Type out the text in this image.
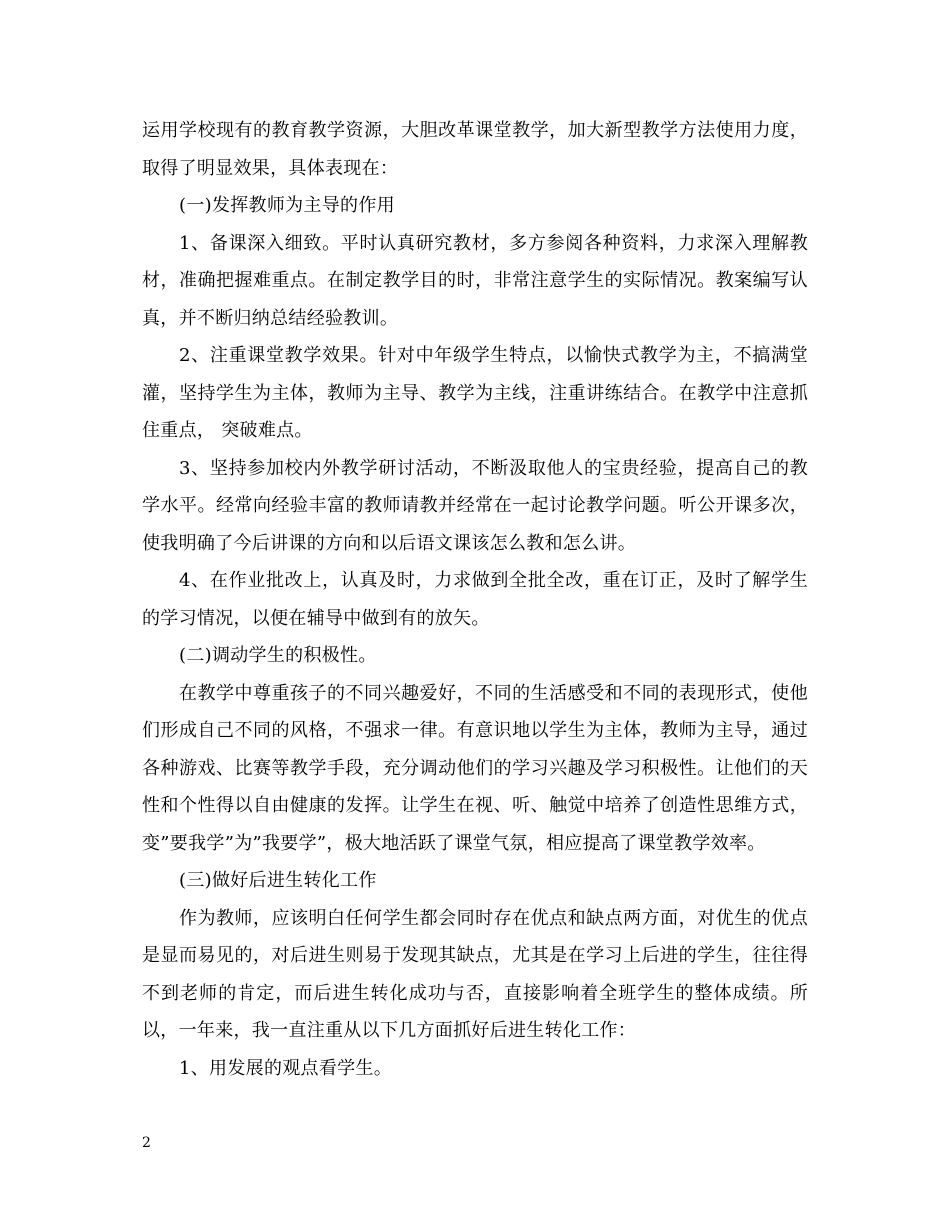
运用学校现有的教育教学资源，大胆改革课堂教学，加大新型教学方法使用力度，取得了明显效果，具体表现在：

(一)发挥教师为主导的作用

1、备课深入细致。平时认真研究教材，多方参阅各种资料，力求深入理解教材，准确把握难重点。在制定教学目的时，非常注意学生的实际情况。教案编写认真，并不断归纳总结经验教训。

2、注重课堂教学效果。针对中年级学生特点，以愉快式教学为主，不搞满堂灌，坚持学生为主体，教师为主导、教学为主线，注重讲练结合。在教学中注意抓住重点， 突破难点。

3、坚持参加校内外教学研讨活动，不断汲取他人的宝贵经验，提高自己的教学水平。经常向经验丰富的教师请教并经常在一起讨论教学问题。听公开课多次，使我明确了今后讲课的方向和以后语文课该怎么教和怎么讲。

4、在作业批改上，认真及时，力求做到全批全改，重在订正，及时了解学生的学习情况，以便在辅导中做到有的放矢。

(二)调动学生的积极性。

在教学中尊重孩子的不同兴趣爱好，不同的生活感受和不同的表现形式，使他们形成自己不同的风格，不强求一律。有意识地以学生为主体，教师为主导，通过各种游戏、比赛等教学手段，充分调动他们的学习兴趣及学习积极性。让他们的天性和个性得以自由健康的发挥。让学生在视、听、触觉中培养了创造性思维方式，变”要我学”为”我要学”，极大地活跃了课堂气氛，相应提高了课堂教学效率。

(三)做好后进生转化工作

作为教师，应该明白任何学生都会同时存在优点和缺点两方面，对优生的优点是显而易见的，对后进生则易于发现其缺点，尤其是在学习上后进的学生，往往得不到老师的肯定，而后进生转化成功与否，直接影响着全班学生的整体成绩。所以，一年来，我一直注重从以下几方面抓好后进生转化工作：

1、用发展的观点看学生。

2
